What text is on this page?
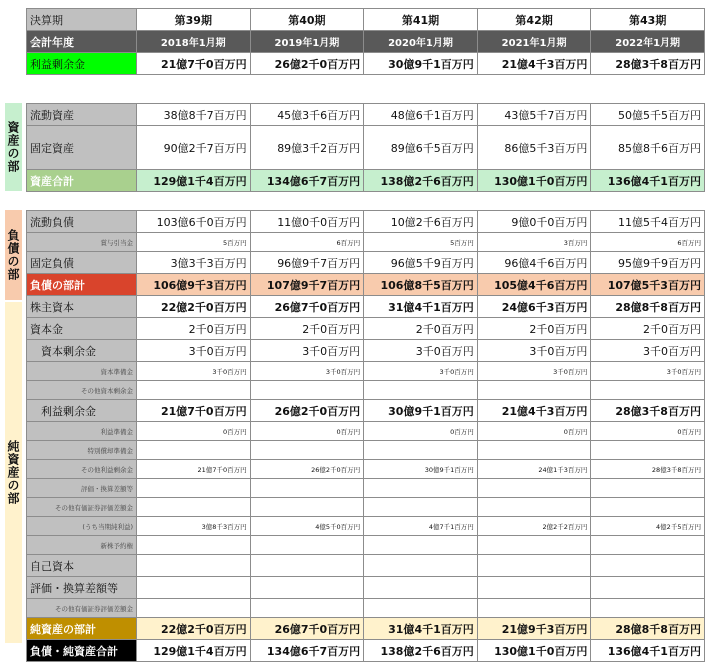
資産の部
負債の部
純資産の部
決算期	第39期	第40期	第41期	第42期	第43期
会計年度	2018年1月期	2019年1月期	2020年1月期	2021年1月期	2022年1月期
利益剰余金	21億7千0百万円	26億2千0百万円	30億9千1百万円	21億4千3百万円	28億3千8百万円
流動資産	38億8千7百万円	45億3千6百万円	48億6千1百万円	43億5千7百万円	50億5千5百万円
固定資産	90億2千7百万円	89億3千2百万円	89億6千5百万円	86億5千3百万円	85億8千6百万円
資産合計	129億1千4百万円	134億6千7百万円	138億2千6百万円	130億1千0百万円	136億4千1百万円
流動負債	103億6千0百万円	11億0千0百万円	10億2千6百万円	9億0千0百万円	11億5千4百万円
賞与引当金	5百万円	6百万円	5百万円	3百万円	6百万円
固定負債	3億3千3百万円	96億9千7百万円	96億5千9百万円	96億4千6百万円	95億9千9百万円
負債の部計	106億9千3百万円	107億9千7百万円	106億8千5百万円	105億4千6百万円	107億5千3百万円
株主資本	22億2千0百万円	26億7千0百万円	31億4千1百万円	24億6千3百万円	28億8千8百万円
資本金	2千0百万円	2千0百万円	2千0百万円	2千0百万円	2千0百万円
資本剰余金	3千0百万円	3千0百万円	3千0百万円	3千0百万円	3千0百万円
資本準備金	3千0百万円	3千0百万円	3千0百万円	3千0百万円	3千0百万円
その他資本剰余金					
利益剰余金	21億7千0百万円	26億2千0百万円	30億9千1百万円	21億4千3百万円	28億3千8百万円
利益準備金	0百万円	0百万円	0百万円	0百万円	0百万円
特別償却準備金					
その他利益剰余金	21億7千0百万円	26億2千0百万円	30億9千1百万円	24億1千3百万円	28億3千8百万円
評価・換算差額等					
その他有価証券評価差額金					
(うち当期純利益)	3億8千3百万円	4億5千0百万円	4億7千1百万円	2億2千2百万円	4億2千5百万円
新株予約権					
自己資本					
評価・換算差額等					
その他有価証券評価差額金					
純資産の部計	22億2千0百万円	26億7千0百万円	31億4千1百万円	21億9千3百万円	28億8千8百万円
負債・純資産合計	129億1千4百万円	134億6千7百万円	138億2千6百万円	130億1千0百万円	136億4千1百万円
